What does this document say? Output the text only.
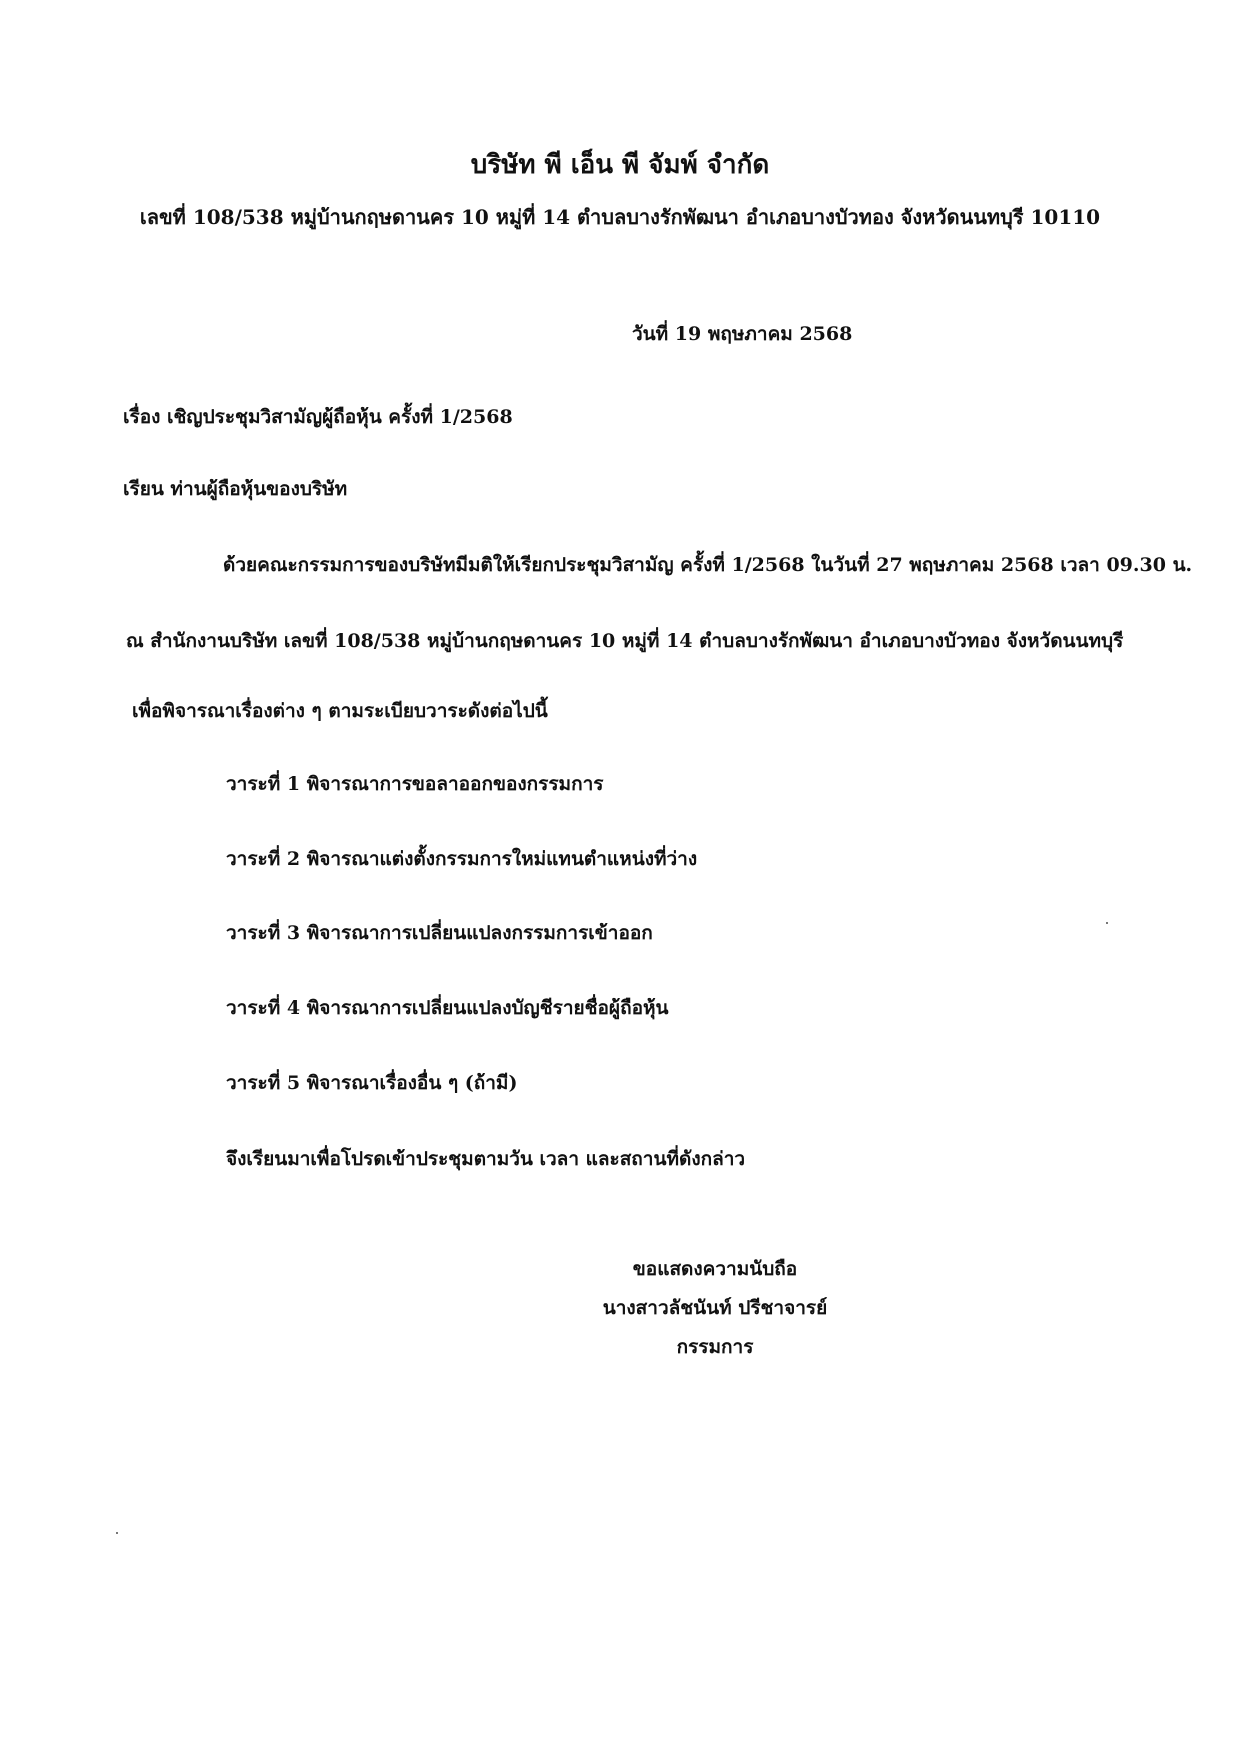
บริษัท พี เอ็น พี จัมพ์ จำกัด
เลขที่ 108/538 หมู่บ้านกฤษดานคร 10 หมู่ที่ 14 ตำบลบางรักพัฒนา อำเภอบางบัวทอง จังหวัดนนทบุรี 10110
วันที่ 19 พฤษภาคม 2568
เรื่อง เชิญประชุมวิสามัญผู้ถือหุ้น ครั้งที่ 1/2568
เรียน ท่านผู้ถือหุ้นของบริษัท
ด้วยคณะกรรมการของบริษัทมีมติให้เรียกประชุมวิสามัญ ครั้งที่ 1/2568 ในวันที่ 27 พฤษภาคม 2568 เวลา 09.30 น.
ณ สำนักงานบริษัท เลขที่ 108/538 หมู่บ้านกฤษดานคร 10 หมู่ที่ 14 ตำบลบางรักพัฒนา อำเภอบางบัวทอง จังหวัดนนทบุรี
เพื่อพิจารณาเรื่องต่าง ๆ ตามระเบียบวาระดังต่อไปนี้
วาระที่ 1 พิจารณาการขอลาออกของกรรมการ
วาระที่ 2 พิจารณาแต่งตั้งกรรมการใหม่แทนตำแหน่งที่ว่าง
วาระที่ 3 พิจารณาการเปลี่ยนแปลงกรรมการเข้าออก
วาระที่ 4 พิจารณาการเปลี่ยนแปลงบัญชีรายชื่อผู้ถือหุ้น
วาระที่ 5 พิจารณาเรื่องอื่น ๆ (ถ้ามี)
จึงเรียนมาเพื่อโปรดเข้าประชุมตามวัน เวลา และสถานที่ดังกล่าว
ขอแสดงความนับถือ
นางสาวลัชนันท์ ปรีชาจารย์
กรรมการ
